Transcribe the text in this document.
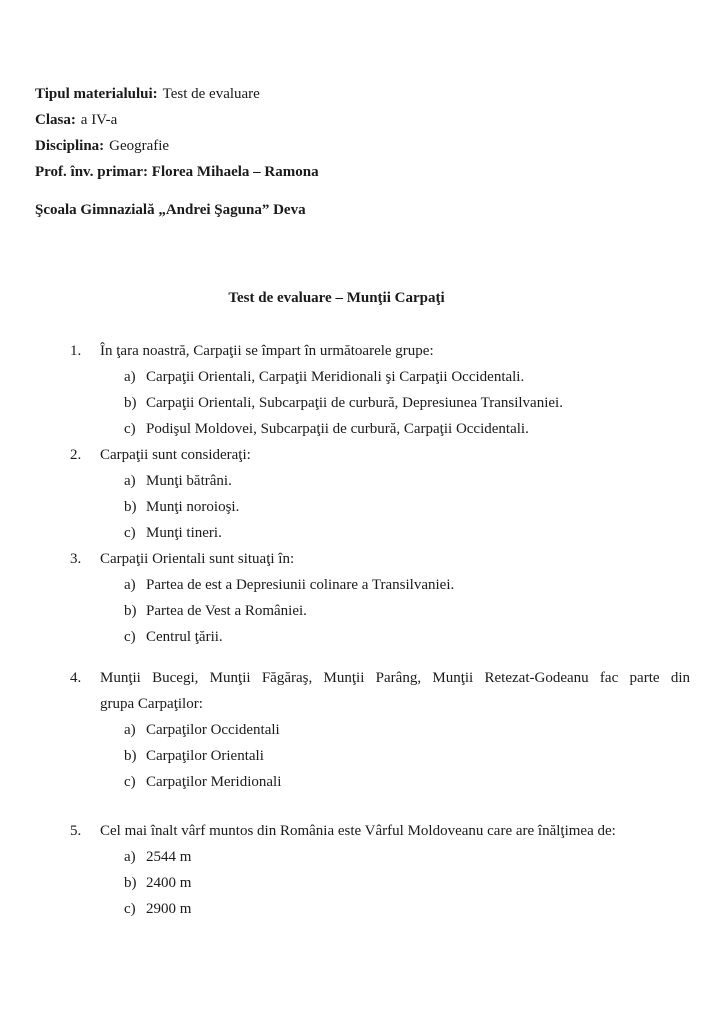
Tipul materialului: Test de evaluare
Clasa: a IV-a
Disciplina: Geografie
Prof. înv. primar: Florea Mihaela – Ramona
Şcoala Gimnazială „Andrei Şaguna” Deva
Test de evaluare – Munţii Carpaţi
1.	În ţara noastră, Carpaţii se împart în următoarele grupe:
a) Carpaţii Orientali, Carpaţii Meridionali şi Carpaţii Occidentali.
b) Carpaţii Orientali, Subcarpaţii de curbură, Depresiunea Transilvaniei.
c) Podişul Moldovei, Subcarpaţii de curbură, Carpaţii Occidentali.
2.	Carpaţii sunt consideraţi:
a) Munţi bătrâni.
b) Munţi noroioşi.
c) Munţi tineri.
3.	Carpaţii Orientali sunt situaţi în:
a) Partea de est a Depresiunii colinare a Transilvaniei.
b) Partea de Vest a României.
c) Centrul ţării.
4.	Munţii Bucegi, Munţii Făgăraş, Munţii Parâng, Munţii Retezat-Godeanu fac parte din
grupa Carpaţilor:
a) Carpaţilor Occidentali
b) Carpaţilor Orientali
c) Carpaţilor Meridionali
5.	Cel mai înalt vârf muntos din România este Vârful Moldoveanu care are înălţimea de:
a) 2544 m
b) 2400 m
c) 2900 m
